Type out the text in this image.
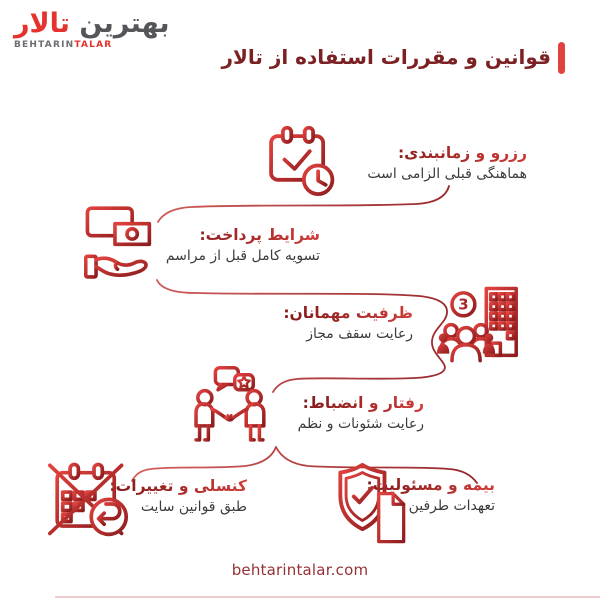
بهترین تالار
BEHTARINTALAR	قوانین و مقررات استفاده از تالار
رزرو و زمانبندی:
هماهنگی قبلی الزامی است
شرایط پرداخت:
تسویه کامل قبل از مراسم
3
ظرفیت مهمانان:
رعایت سقف مجاز
رفتار و انضباط:
رعایت شئونات و نظم
کنسلی و تغییرات:
طبق قوانین سایت
بیمه و مسئولیت:
تعهدات طرفین
behtarintalar.com
